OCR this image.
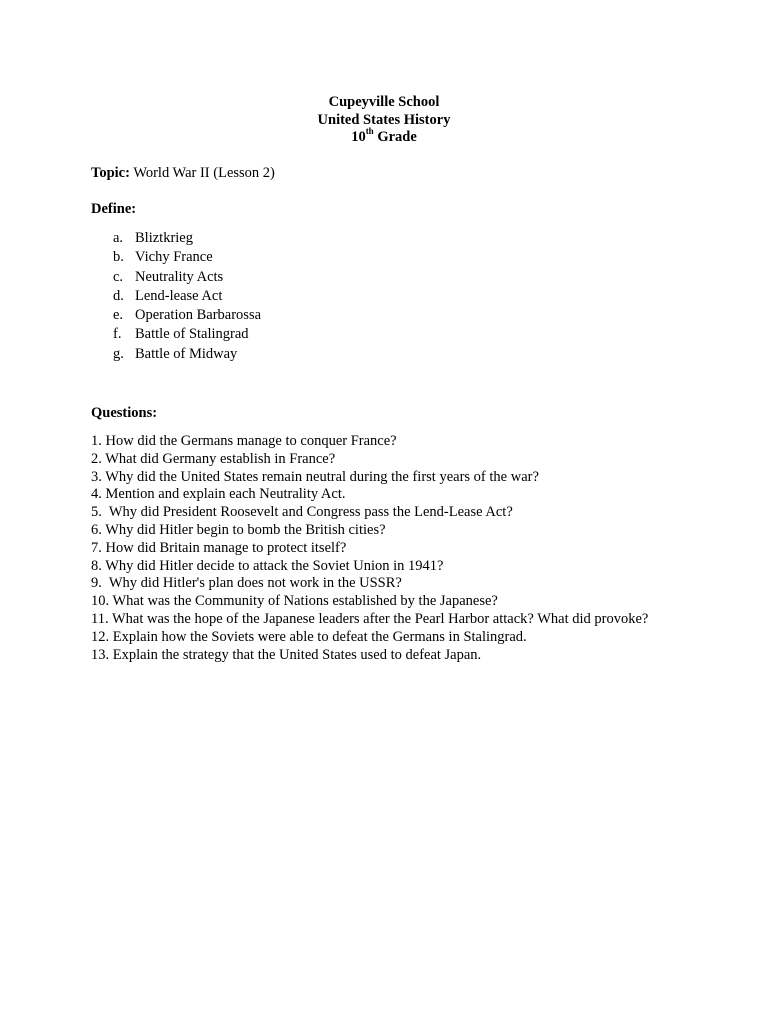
Cupeyville School
United States History
10th Grade
Topic: World War II (Lesson 2)
Define:
a. Bliztkrieg
b. Vichy France
c. Neutrality Acts
d. Lend-lease Act
e. Operation Barbarossa
f. Battle of Stalingrad
g. Battle of Midway
Questions:
1. How did the Germans manage to conquer France?
2. What did Germany establish in France?
3. Why did the United States remain neutral during the first years of the war?
4. Mention and explain each Neutrality Act.
5.  Why did President Roosevelt and Congress pass the Lend-Lease Act?
6. Why did Hitler begin to bomb the British cities?
7. How did Britain manage to protect itself?
8. Why did Hitler decide to attack the Soviet Union in 1941?
9.  Why did Hitler's plan does not work in the USSR?
10. What was the Community of Nations established by the Japanese?
11. What was the hope of the Japanese leaders after the Pearl Harbor attack? What did provoke?
12. Explain how the Soviets were able to defeat the Germans in Stalingrad.
13. Explain the strategy that the United States used to defeat Japan.
